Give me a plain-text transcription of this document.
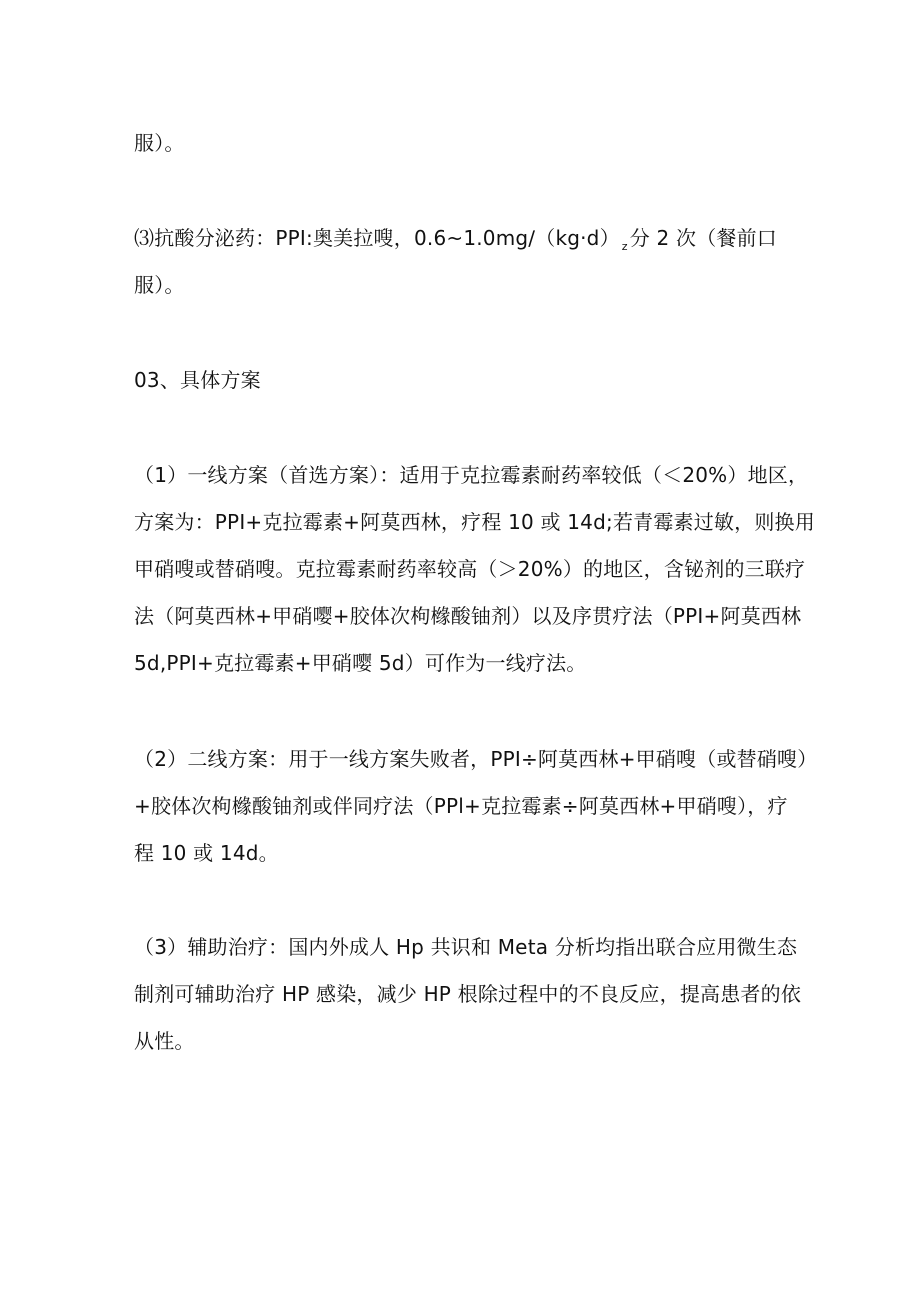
服）。
⑶抗酸分泌药：PPI:奥美拉嗖，0.6~1.0mg∕（kg·d） $_z$ 分 2 次（餐前口
服）。
03、具体方案
（1）一线方案（首选方案）：适用于克拉霉素耐药率较低（＜20%）地区，
方案为：PPI+克拉霉素+阿莫西林，疗程 10 或 14d;若青霉素过敏，则换用
甲硝嗖或替硝嗖。克拉霉素耐药率较高（＞20%）的地区，含铋剂的三联疗
法（阿莫西林+甲硝嘤+胶体次枸橼酸铀剂）以及序贯疗法（PPI+阿莫西林
5d,PPI+克拉霉素+甲硝嘤 5d）可作为一线疗法。
（2）二线方案：用于一线方案失败者，PPI÷阿莫西林+甲硝嗖（或替硝嗖）
+胶体次枸橼酸铀剂或伴同疗法（PPl+克拉霉素÷阿莫西林+甲硝嗖），疗
程 10 或 14d。
（3）辅助治疗：国内外成人 Hp 共识和 Meta 分析均指出联合应用微生态
制剂可辅助治疗 HP 感染，减少 HP 根除过程中的不良反应，提高患者的依
从性。
